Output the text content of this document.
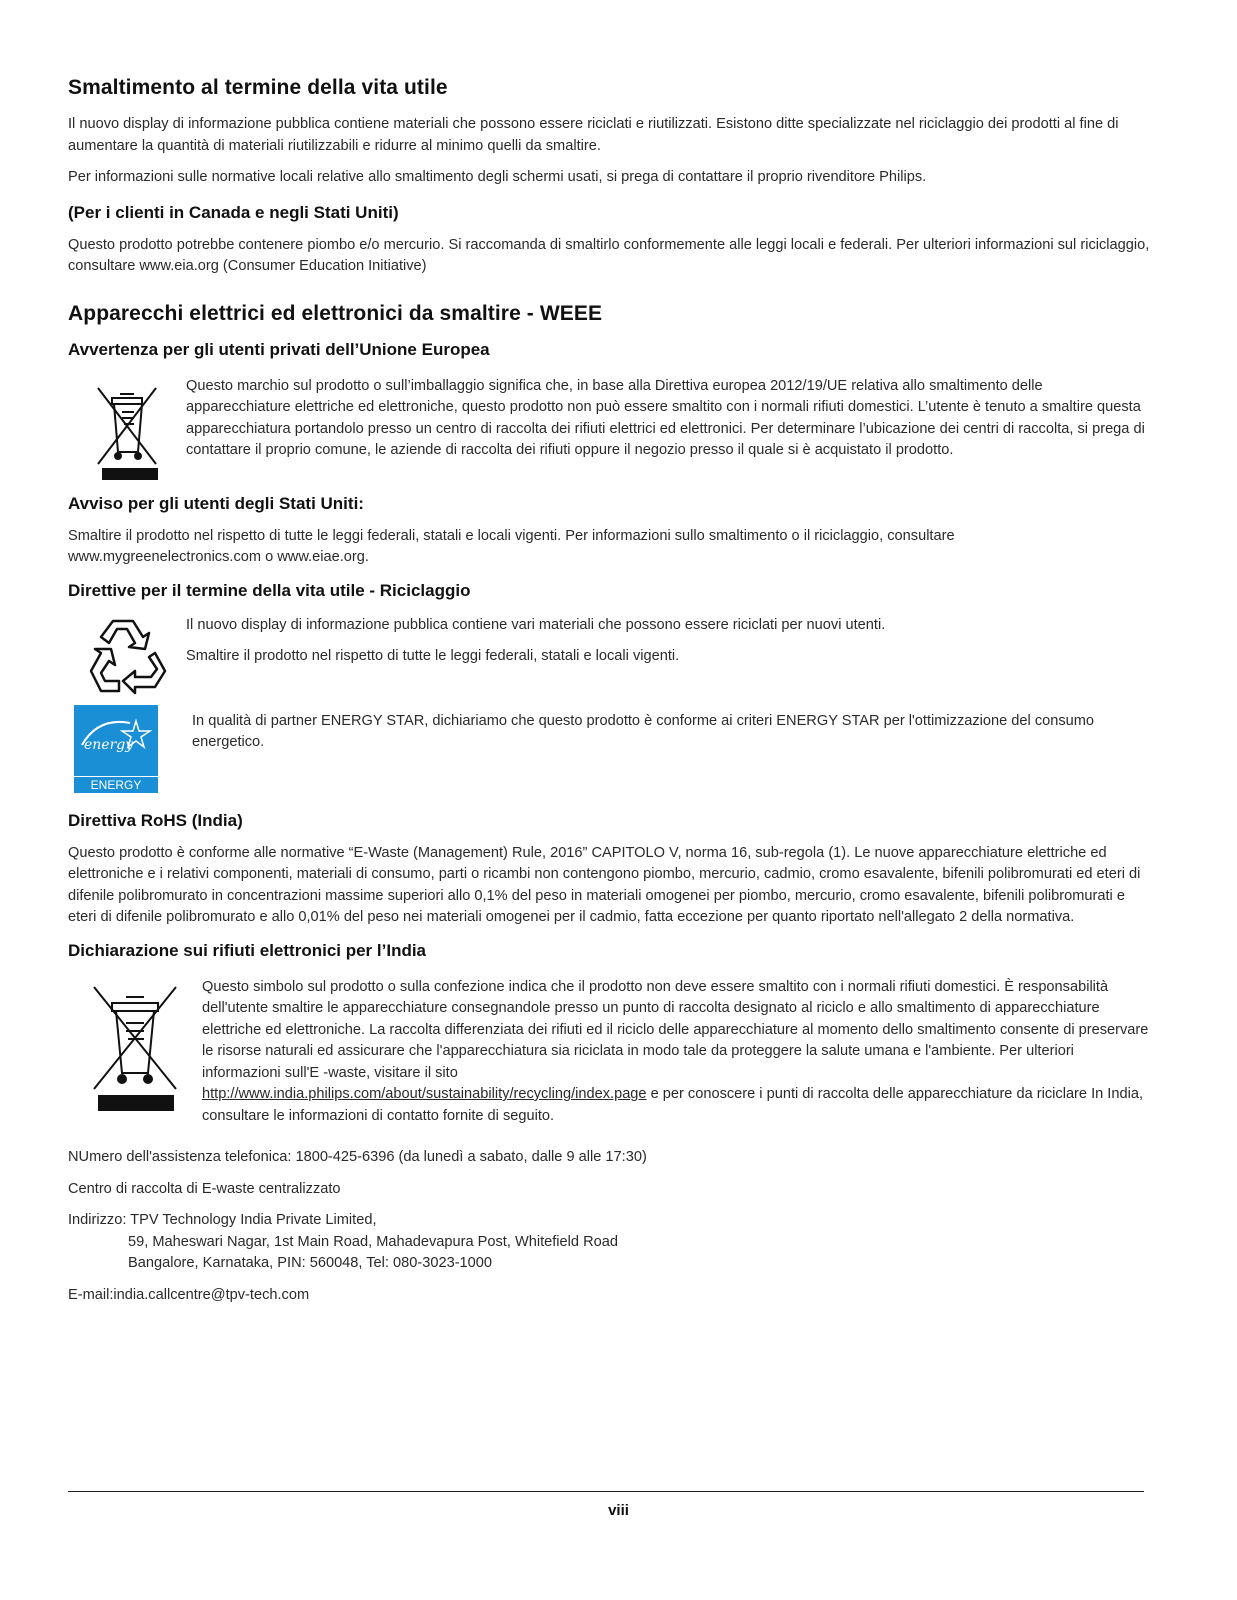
Smaltimento al termine della vita utile

Il nuovo display di informazione pubblica contiene materiali che possono essere riciclati e riutilizzati. Esistono ditte specializzate nel riciclaggio dei prodotti al fine di aumentare la quantità di materiali riutilizzabili e ridurre al minimo quelli da smaltire.

Per informazioni sulle normative locali relative allo smaltimento degli schermi usati, si prega di contattare il proprio rivenditore Philips.

(Per i clienti in Canada e negli Stati Uniti)

Questo prodotto potrebbe contenere piombo e/o mercurio. Si raccomanda di smaltirlo conformemente alle leggi locali e federali. Per ulteriori informazioni sul riciclaggio, consultare www.eia.org (Consumer Education Initiative)

Apparecchi elettrici ed elettronici da smaltire - WEEE
Avvertenza per gli utenti privati dell’Unione Europea

Questo marchio sul prodotto o sull’imballaggio significa che, in base alla Direttiva europea 2012/19/UE relativa allo smaltimento delle apparecchiature elettriche ed elettroniche, questo prodotto non può essere smaltito con i normali rifiuti domestici. L’utente è tenuto a smaltire questa apparecchiatura portandolo presso un centro di raccolta dei rifiuti elettrici ed elettronici. Per determinare l’ubicazione dei centri di raccolta, si prega di contattare il proprio comune, le aziende di raccolta dei rifiuti oppure il negozio presso il quale si è acquistato il prodotto.

Avviso per gli utenti degli Stati Uniti:

Smaltire il prodotto nel rispetto di tutte le leggi federali, statali e locali vigenti. Per informazioni sullo smaltimento o il riciclaggio, consultare www.mygreenelectronics.com o www.eiae.org.

Direttive per il termine della vita utile - Riciclaggio

Il nuovo display di informazione pubblica contiene vari materiali che possono essere riciclati per nuovi utenti.

Smaltire il prodotto nel rispetto di tutte le leggi federali, statali e locali vigenti.

energy
ENERGY STAR

In qualità di partner ENERGY STAR, dichiariamo che questo prodotto è conforme ai criteri ENERGY STAR per l'ottimizzazione del consumo energetico.

Direttiva RoHS (India)

Questo prodotto è conforme alle normative “E-Waste (Management) Rule, 2016” CAPITOLO V, norma 16, sub-regola (1). Le nuove apparecchiature elettriche ed elettroniche e i relativi componenti, materiali di consumo, parti o ricambi non contengono piombo, mercurio, cadmio, cromo esavalente, bifenili polibromurati ed eteri di difenile polibromurato in concentrazioni massime superiori allo 0,1% del peso in materiali omogenei per piombo, mercurio, cromo esavalente, bifenili polibromurati e eteri di difenile polibromurato e allo 0,01% del peso nei materiali omogenei per il cadmio, fatta eccezione per quanto riportato nell'allegato 2 della normativa.

Dichiarazione sui rifiuti elettronici per l’India

Questo simbolo sul prodotto o sulla confezione indica che il prodotto non deve essere smaltito con i normali rifiuti domestici. È responsabilità dell'utente smaltire le apparecchiature consegnandole presso un punto di raccolta designato al riciclo e allo smaltimento di apparecchiature elettriche ed elettroniche. La raccolta differenziata dei rifiuti ed il riciclo delle apparecchiature al momento dello smaltimento consente di preservare le risorse naturali ed assicurare che l'apparecchiatura sia riciclata in modo tale da proteggere la salute umana e l'ambiente. Per ulteriori informazioni sull'E -waste, visitare il sito
http://www.india.philips.com/about/sustainability/recycling/index.page e per conoscere i punti di raccolta delle apparecchiature da riciclare In India, consultare le informazioni di contatto fornite di seguito.

NUmero dell'assistenza telefonica: 1800-425-6396 (da lunedì a sabato, dalle 9 alle 17:30)

Centro di raccolta di E-waste centralizzato

Indirizzo: TPV Technology India Private Limited,
59, Maheswari Nagar, 1st Main Road, Mahadevapura Post, Whitefield Road
Bangalore, Karnataka, PIN: 560048, Tel: 080-3023-1000

E-mail:india.callcentre@tpv-tech.com

viii
